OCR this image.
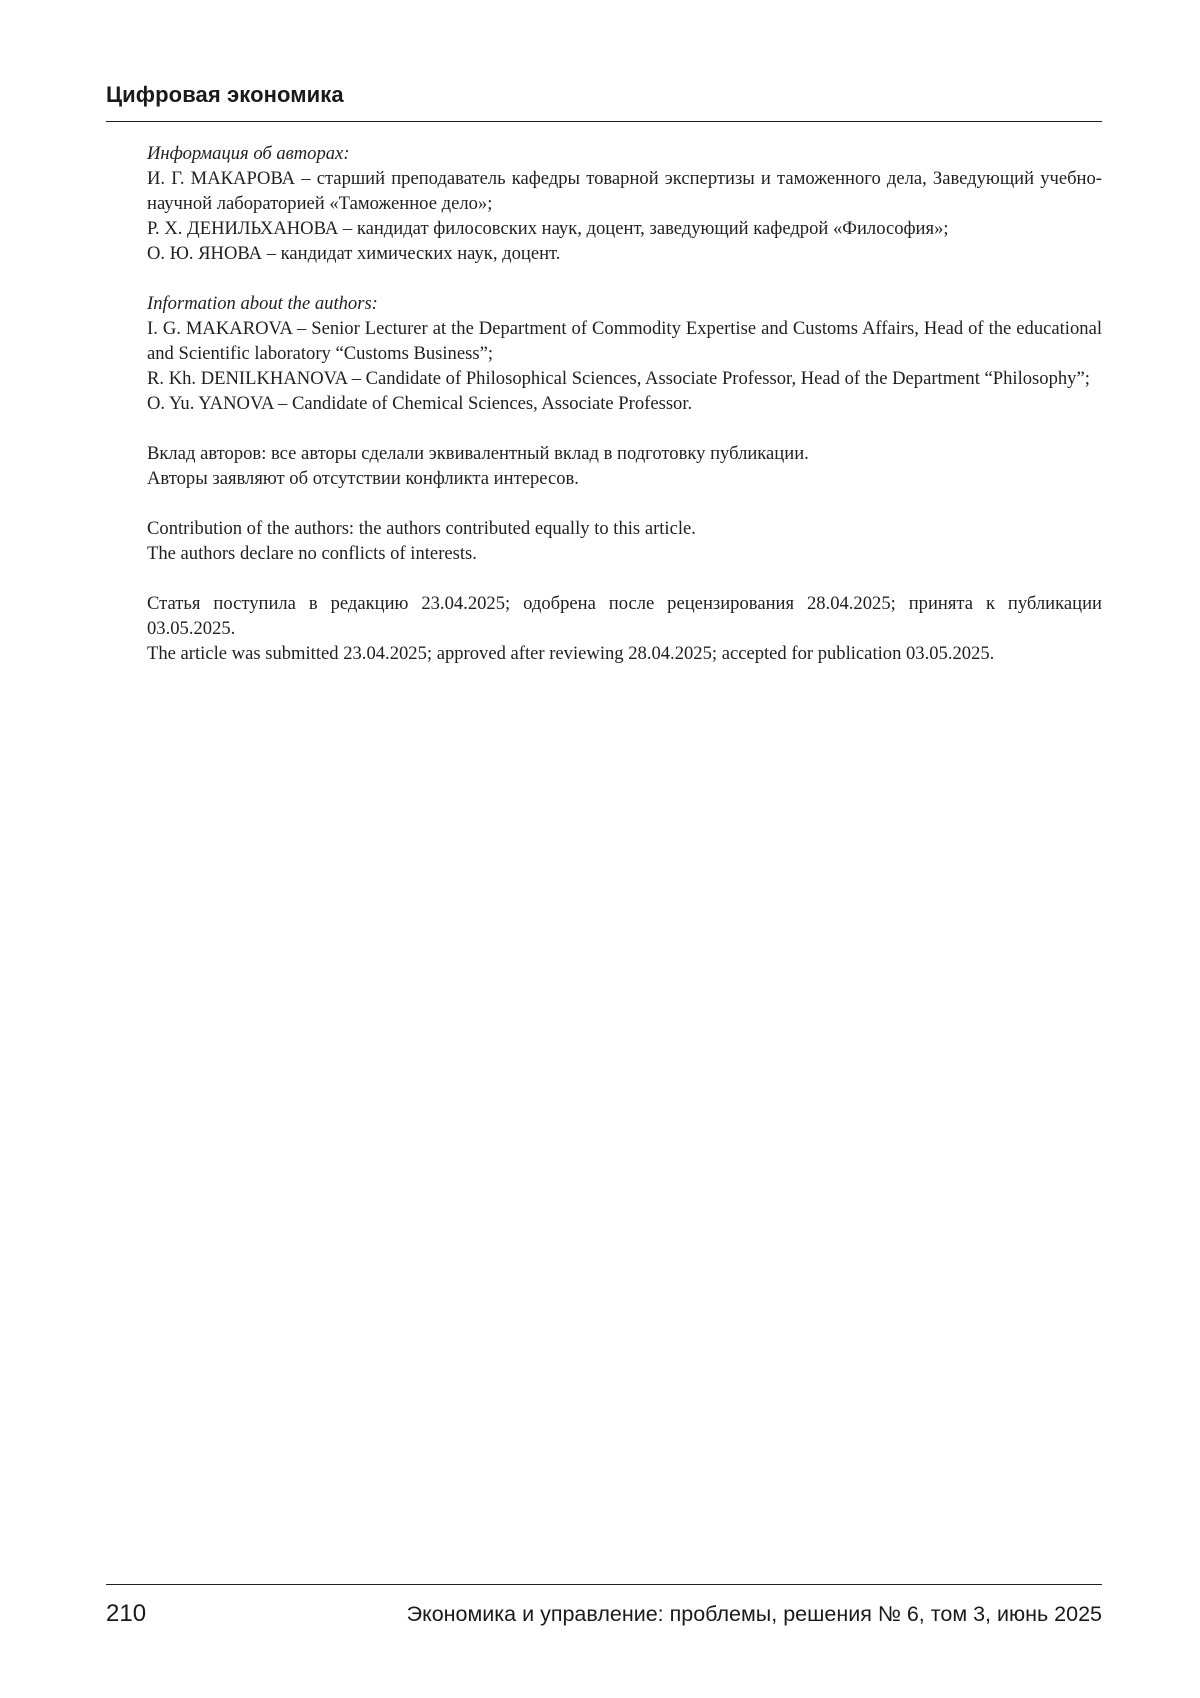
Цифровая экономика

Информация об авторах:

И. Г. МАКАРОВА – старший преподаватель кафедры товарной экспертизы и таможенного дела, Заведующий учебно-научной лабораторией «Таможенное дело»;

Р. Х. ДЕНИЛЬХАНОВА – кандидат филосовских наук, доцент, заведующий кафедрой «Философия»;

О. Ю. ЯНОВА – кандидат химических наук, доцент.

Information about the authors:

I. G. MAKAROVA – Senior Lecturer at the Department of Commodity Expertise and Customs Affairs, Head of the educational and Scientific laboratory “Customs Business”;

R. Kh. DENILKHANOVA – Candidate of Philosophical Sciences, Associate Professor, Head of the Department “Philosophy”;

O. Yu. YANOVA – Candidate of Chemical Sciences, Associate Professor.

Вклад авторов: все авторы сделали эквивалентный вклад в подготовку публикации.

Авторы заявляют об отсутствии конфликта интересов.

Contribution of the authors: the authors contributed equally to this article.

The authors declare no conflicts of interests.

Статья поступила в редакцию 23.04.2025; одобрена после рецензирования 28.04.2025; принята к публикации 03.05.2025.

The article was submitted 23.04.2025; approved after reviewing 28.04.2025; accepted for publication 03.05.2025.

210	Экономика и управление: проблемы, решения № 6, том 3, июнь 2025
